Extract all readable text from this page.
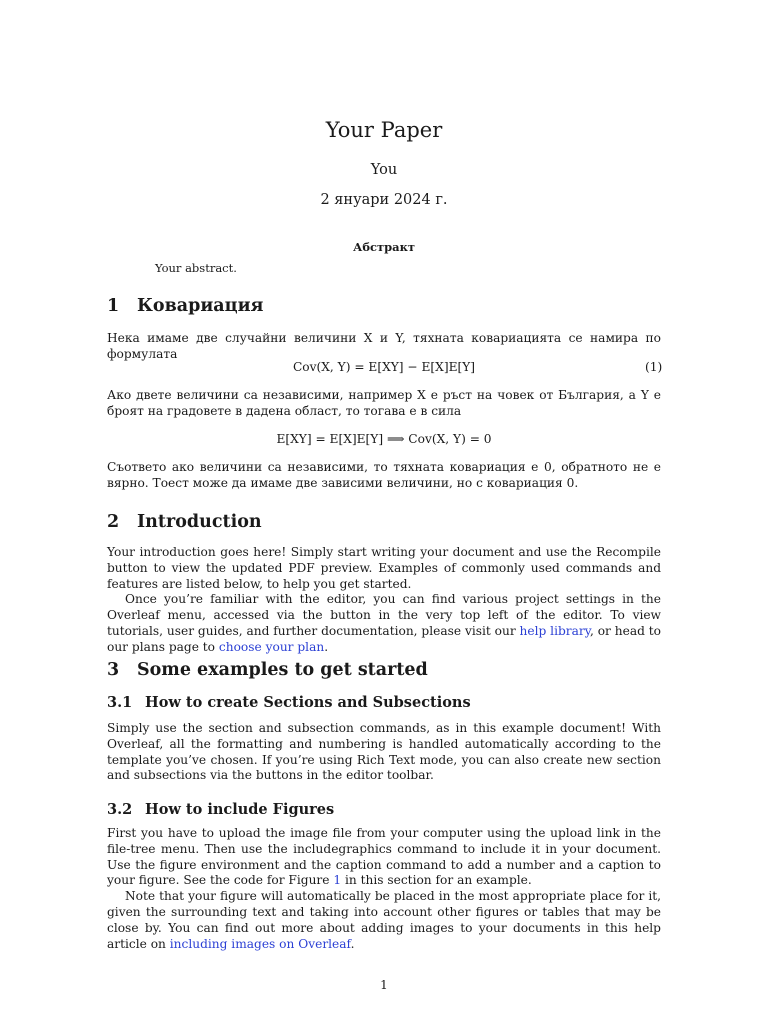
Your Paper
You
2 януари 2024 г.
Абстракт
Your abstract.
1 Ковариация
Нека имаме две случайни величини X и Y, тяхната ковариацията се намира по формулата
Cov(X, Y) = E[XY] − E[X]E[Y]	(1)
Ако двете величини са независими, например X е ръст на човек от България, а Y е броят на градовете в дадена област, то тогава е в сила
E[XY] = E[X]E[Y] ⟹ Cov(X, Y) = 0
Съответо ако величини са независими, то тяхната ковариация е 0, обратното не е вярно. Тоест може да имаме две зависими величини, но с ковариация 0.
2 Introduction
Your introduction goes here! Simply start writing your document and use the Recompile button to view the updated PDF preview. Examples of commonly used commands and features are listed below, to help you get started.
Once you’re familiar with the editor, you can find various project settings in the Overleaf menu, accessed via the button in the very top left of the editor. To view tutorials, user guides, and further documentation, please visit our help library, or head to our plans page to choose your plan.
3 Some examples to get started
3.1 How to create Sections and Subsections
Simply use the section and subsection commands, as in this example document! With Overleaf, all the formatting and numbering is handled automatically according to the template you’ve chosen. If you’re using Rich Text mode, you can also create new section and subsections via the buttons in the editor toolbar.
3.2 How to include Figures
First you have to upload the image file from your computer using the upload link in the file-tree menu. Then use the includegraphics command to include it in your document. Use the figure environment and the caption command to add a number and a caption to your figure. See the code for Figure 1 in this section for an example.
Note that your figure will automatically be placed in the most appropriate place for it, given the surrounding text and taking into account other figures or tables that may be close by. You can find out more about adding images to your documents in this help article on including images on Overleaf.
1
